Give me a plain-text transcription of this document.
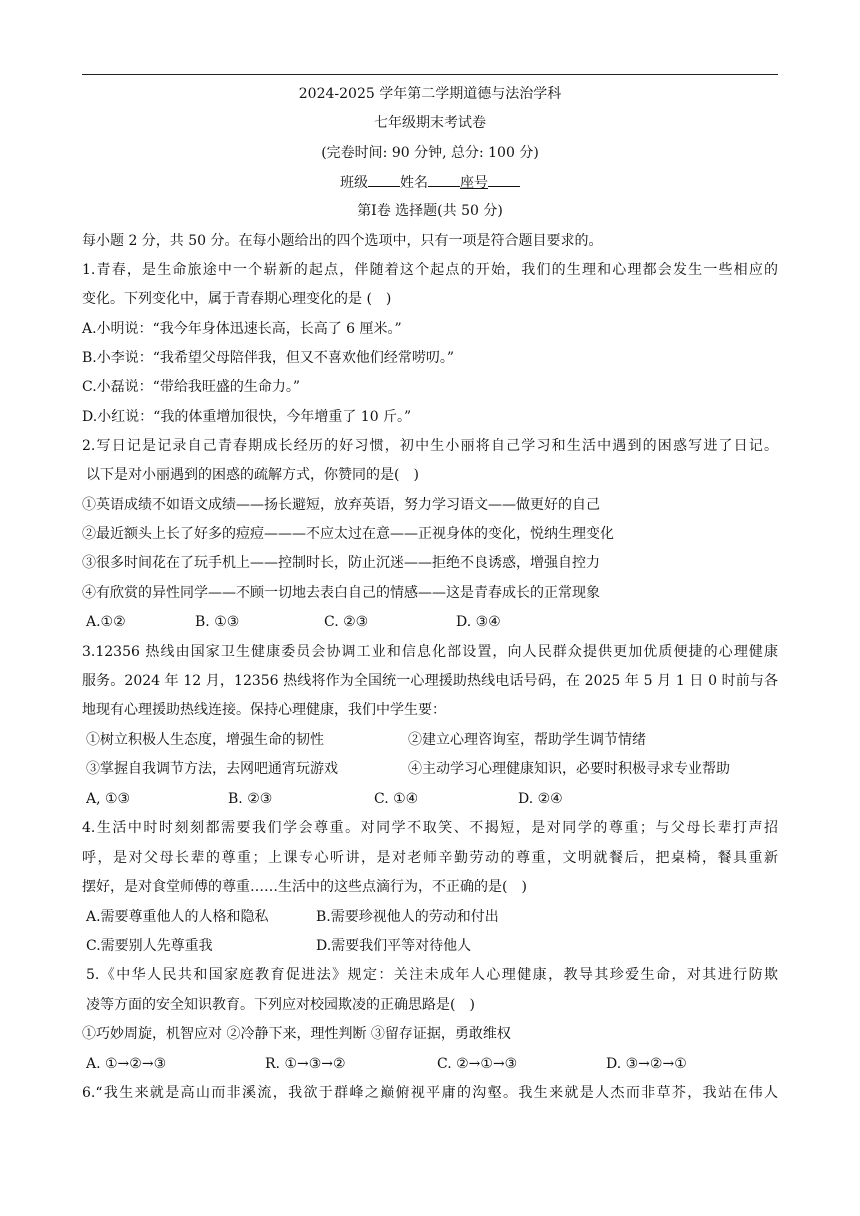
2024-2025 学年第二学期道德与法治学科
七年级期末考试卷
(完卷时间: 90 分钟, 总分: 100 分)
班级 姓名 座号
第Ⅰ卷 选择题(共 50 分)
每小题 2 分，共 50 分。在每小题给出的四个选项中，只有一项是符合题目要求的。
1.青春，是生命旅途中一个崭新的起点，伴随着这个起点的开始，我们的生理和心理都会发生一些相应的
变化。下列变化中，属于青春期心理变化的是 (　)
A.小明说：“我今年身体迅速长高，长高了 6 厘米。”
B.小李说：“我希望父母陪伴我，但又不喜欢他们经常唠叨。”
C.小磊说：“带给我旺盛的生命力。”
D.小红说：“我的体重增加很快，今年增重了 10 斤。”
2.写日记是记录自己青春期成长经历的好习惯，初中生小丽将自己学习和生活中遇到的困惑写进了日记。
以下是对小丽遇到的困惑的疏解方式，你赞同的是(　)
①英语成绩不如语文成绩——扬长避短，放弃英语，努力学习语文——做更好的自己
②最近额头上长了好多的痘痘———不应太过在意——正视身体的变化，悦纳生理变化
③很多时间花在了玩手机上——控制时长，防止沉迷——拒绝不良诱惑，增强自控力
④有欣赏的异性同学——不顾一切地去表白自己的情感——这是青春成长的正常现象
A.①②	B. ①③	C. ②③	D. ③④
3.12356 热线由国家卫生健康委员会协调工业和信息化部设置，向人民群众提供更加优质便捷的心理健康
服务。2024 年 12 月，12356 热线将作为全国统一心理援助热线电话号码，在 2025 年 5 月 1 日 0 时前与各
地现有心理援助热线连接。保持心理健康，我们中学生要：
①树立积极人生态度，增强生命的韧性	②建立心理咨询室，帮助学生调节情绪
③掌握自我调节方法，去网吧通宵玩游戏	④主动学习心理健康知识，必要时积极寻求专业帮助
A, ①③	B. ②③	C. ①④	D. ②④
4.生活中时时刻刻都需要我们学会尊重。对同学不取笑、不揭短，是对同学的尊重；与父母长辈打声招
呼，是对父母长辈的尊重；上课专心听讲，是对老师辛勤劳动的尊重，文明就餐后，把桌椅，餐具重新
摆好，是对食堂师傅的尊重……生活中的这些点滴行为，不正确的是(　)
A.需要尊重他人的人格和隐私	B.需要珍视他人的劳动和付出
C.需要别人先尊重我	D.需要我们平等对待他人
5.《中华人民共和国家庭教育促进法》规定：关注未成年人心理健康，教导其珍爱生命，对其进行防欺
凌等方面的安全知识教育。下列应对校园欺凌的正确思路是(　)
①巧妙周旋，机智应对 ②冷静下来，理性判断 ③留存证据，勇敢维权
A. ①→②→③	R. ①→③→②	C. ②→①→③	D. ③→②→①
6.“我生来就是高山而非溪流，我欲于群峰之巅俯视平庸的沟壑。我生来就是人杰而非草芥，我站在伟人
